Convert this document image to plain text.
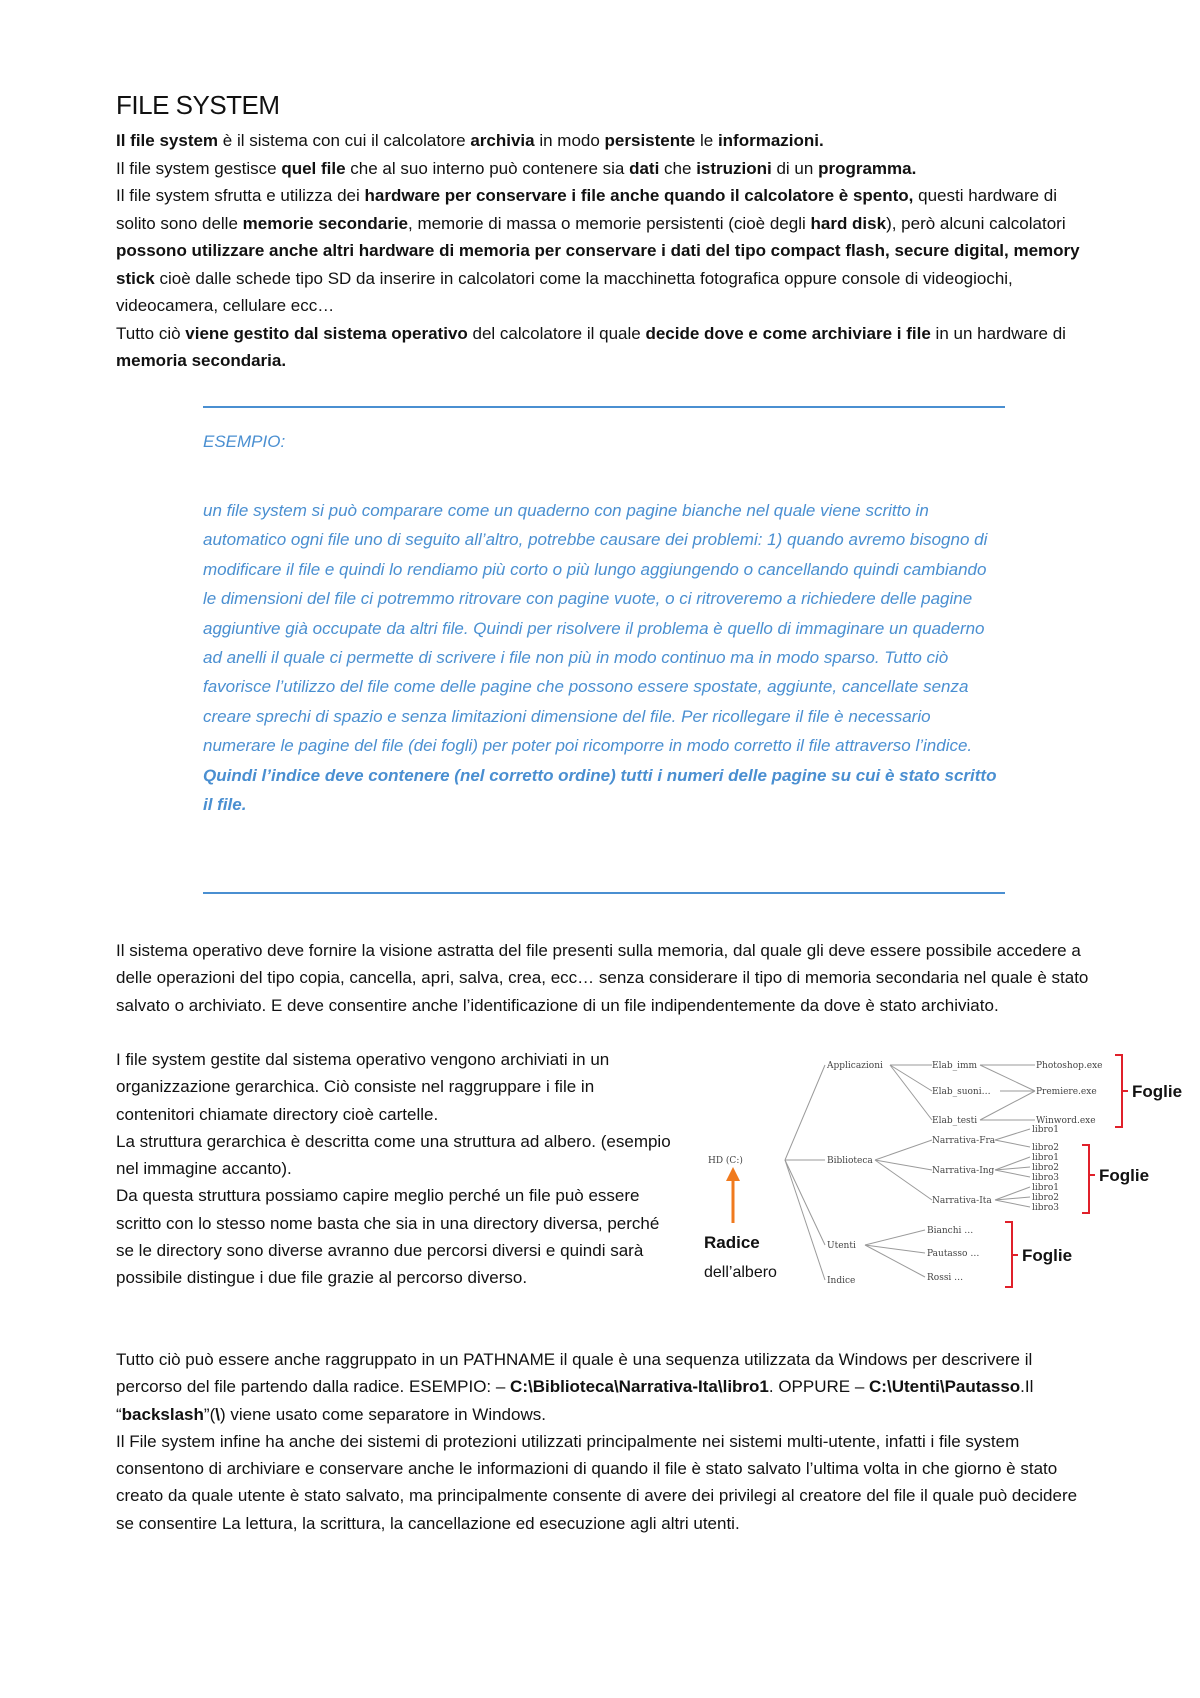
FILE SYSTEM

Il file system è il sistema con cui il calcolatore archivia in modo persistente le informazioni.

Il file system gestisce quel file che al suo interno può contenere sia dati che istruzioni di un programma.

Il file system sfrutta e utilizza dei hardware per conservare i file anche quando il calcolatore è spento, questi hardware di solito sono delle memorie secondarie, memorie di massa o memorie persistenti (cioè degli hard disk), però alcuni calcolatori possono utilizzare anche altri hardware di memoria per conservare i dati del tipo compact flash, secure digital, memory stick cioè dalle schede tipo SD da inserire in calcolatori come la macchinetta fotografica oppure console di videogiochi, videocamera, cellulare ecc…

Tutto ciò viene gestito dal sistema operativo del calcolatore il quale decide dove e come archiviare i file in un hardware di memoria secondaria.

ESEMPIO:

un file system si può comparare come un quaderno con pagine bianche nel quale viene scritto in automatico ogni file uno di seguito all’altro, potrebbe causare dei problemi: 1) quando avremo bisogno di modificare il file e quindi lo rendiamo più corto o più lungo aggiungendo o cancellando quindi cambiando le dimensioni del file ci potremmo ritrovare con pagine vuote, o ci ritroveremo a richiedere delle pagine aggiuntive già occupate da altri file. Quindi per risolvere il problema è quello di immaginare un quaderno ad anelli il quale ci permette di scrivere i file non più in modo continuo ma in modo sparso. Tutto ciò favorisce l’utilizzo del file come delle pagine che possono essere spostate, aggiunte, cancellate senza creare sprechi di spazio e senza limitazioni dimensione del file. Per ricollegare il file è necessario numerare le pagine del file (dei fogli) per poter poi ricomporre in modo corretto il file attraverso l’indice. Quindi l’indice deve contenere (nel corretto ordine) tutti i numeri delle pagine su cui è stato scritto il file.

Il sistema operativo deve fornire la visione astratta del file presenti sulla memoria, dal quale gli deve essere possibile accedere a delle operazioni del tipo copia, cancella, apri, salva, crea, ecc… senza considerare il tipo di memoria secondaria nel quale è stato salvato o archiviato. E deve consentire anche l’identificazione di un file indipendentemente da dove è stato archiviato.

I file system gestite dal sistema operativo vengono archiviati in un organizzazione gerarchica. Ciò consiste nel raggruppare i file in contenitori chiamate directory cioè cartelle.

La struttura gerarchica è descritta come una struttura ad albero. (esempio nel immagine accanto).

Da questa struttura possiamo capire meglio perché un file può essere scritto con lo stesso nome basta che sia in una directory diversa, perché se le directory sono diverse avranno due percorsi diversi e quindi sarà possibile distingue i due file grazie al percorso diverso.

HD (C:)
Radice
dell’albero
Applicazioni
Biblioteca
Utenti
Indice
Elab_imm
Elab_suoni…
Elab_testi
Photoshop.exe
Premiere.exe
Winword.exe
Narrativa-Fra
Narrativa-Ing
Narrativa-Ita
libro1
libro2
libro1
libro2
libro3
libro1
libro2
libro3
Bianchi …
Pautasso …
Rossi …
Foglie
Foglie
Foglie

Tutto ciò può essere anche raggruppato in un PATHNAME il quale è una sequenza utilizzata da Windows per descrivere il percorso del file partendo dalla radice. ESEMPIO: – C:\Biblioteca\Narrativa-Ita\libro1. OPPURE – C:\Utenti\Pautasso.Il “backslash”(\) viene usato come separatore in Windows.

Il File system infine ha anche dei sistemi di protezioni utilizzati principalmente nei sistemi multi-utente, infatti i file system consentono di archiviare e conservare anche le informazioni di quando il file è stato salvato l’ultima volta in che giorno è stato creato da quale utente è stato salvato, ma principalmente consente di avere dei privilegi al creatore del file il quale può decidere se consentire La lettura, la scrittura, la cancellazione ed esecuzione agli altri utenti.
